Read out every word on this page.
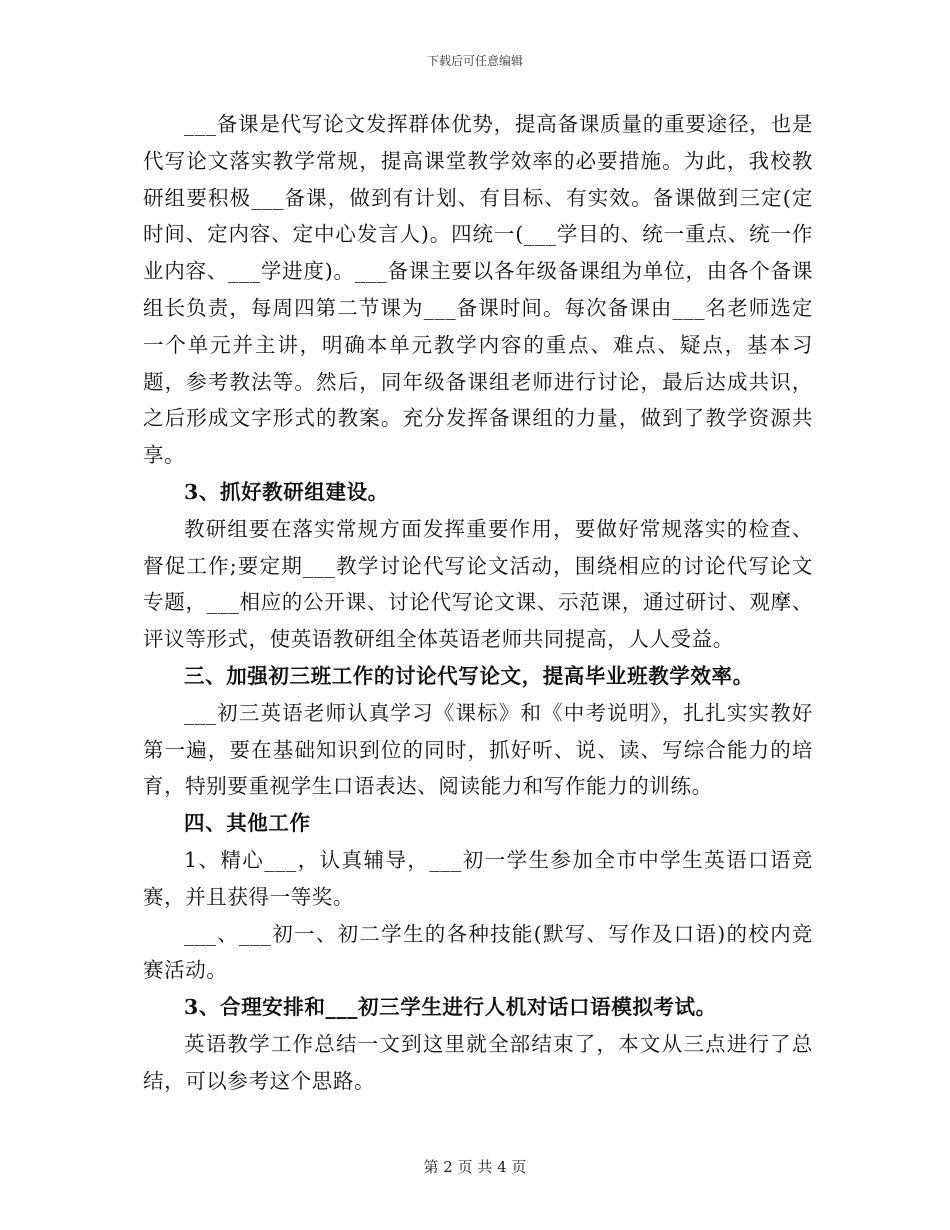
下载后可任意编辑

___备课是代写论文发挥群体优势，提高备课质量的重要途径，也是代写论文落实教学常规，提高课堂教学效率的必要措施。为此，我校教研组要积极___备课，做到有计划、有目标、有实效。备课做到三定(定时间、定内容、定中心发言人)。四统一(___学目的、统一重点、统一作业内容、___学进度)。___备课主要以各年级备课组为单位，由各个备课组长负责，每周四第二节课为___备课时间。每次备课由___名老师选定一个单元并主讲，明确本单元教学内容的重点、难点、疑点，基本习题，参考教法等。然后，同年级备课组老师进行讨论，最后达成共识，之后形成文字形式的教案。充分发挥备课组的力量，做到了教学资源共享。

3、抓好教研组建设。

教研组要在落实常规方面发挥重要作用，要做好常规落实的检查、督促工作;要定期___教学讨论代写论文活动，围绕相应的讨论代写论文专题，___相应的公开课、讨论代写论文课、示范课，通过研讨、观摩、评议等形式，使英语教研组全体英语老师共同提高，人人受益。

三、加强初三班工作的讨论代写论文，提高毕业班教学效率。

___初三英语老师认真学习《课标》和《中考说明》，扎扎实实教好第一遍，要在基础知识到位的同时，抓好听、说、读、写综合能力的培育，特别要重视学生口语表达、阅读能力和写作能力的训练。

四、其他工作

1、精心___，认真辅导，___初一学生参加全市中学生英语口语竞赛，并且获得一等奖。

___、___初一、初二学生的各种技能(默写、写作及口语)的校内竞赛活动。

3、合理安排和___初三学生进行人机对话口语模拟考试。

英语教学工作总结一文到这里就全部结束了，本文从三点进行了总结，可以参考这个思路。

第 2 页 共 4 页
